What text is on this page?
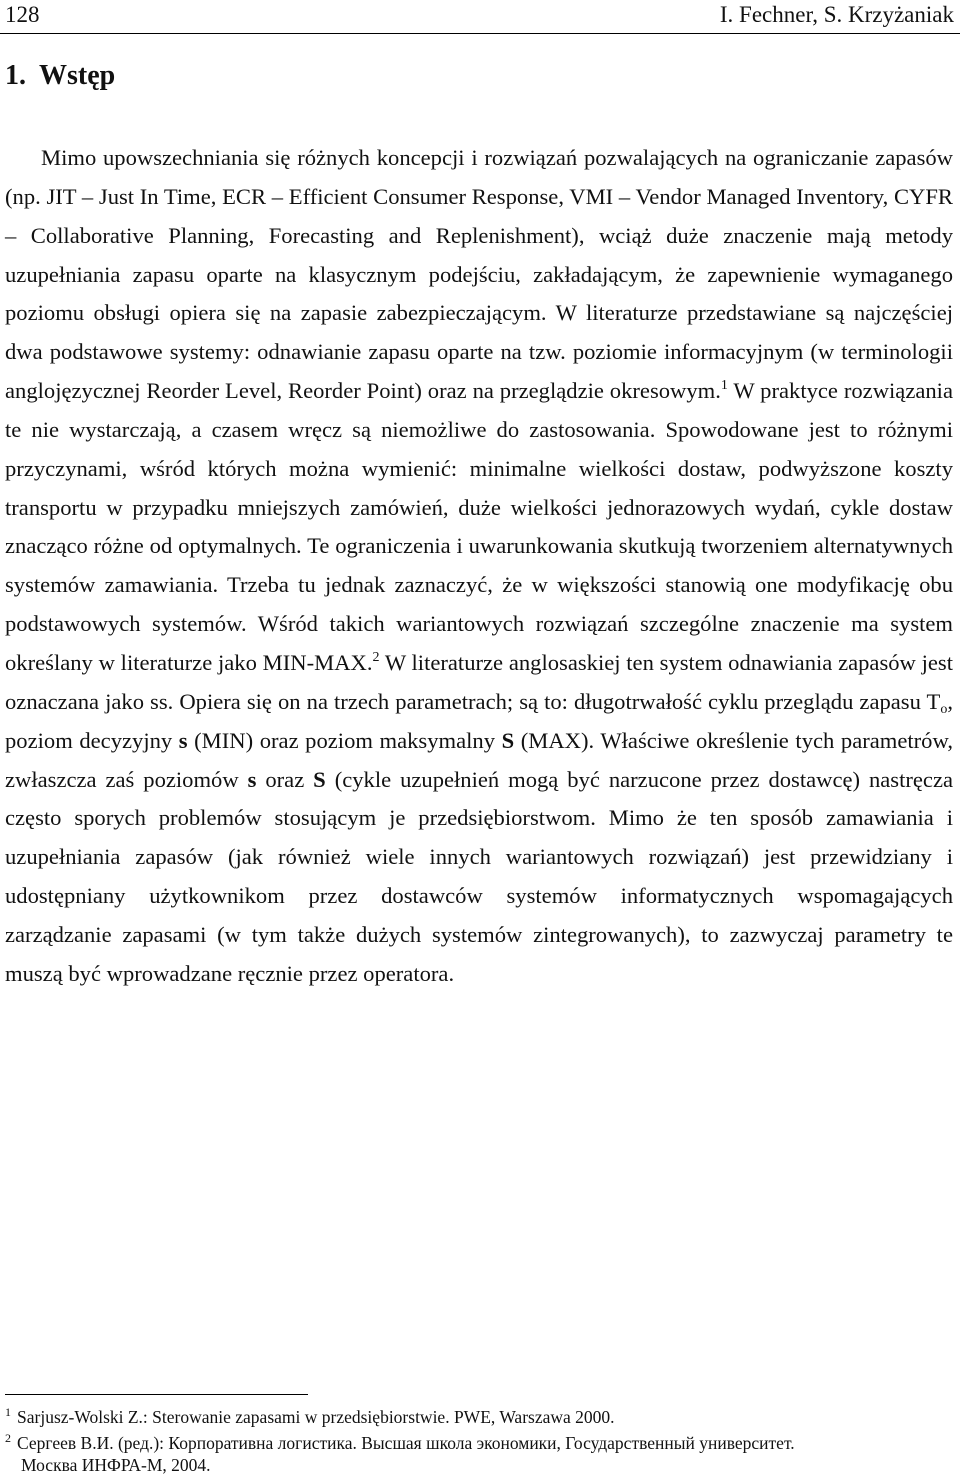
128	I. Fechner, S. Krzyżaniak
1. Wstęp

Mimo upowszechniania się różnych koncepcji i rozwiązań pozwalających na ograniczanie zapasów (np. JIT – Just In Time, ECR – Efficient Consumer Response, VMI – Vendor Managed Inventory, CYFR – Collaborative Planning, Forecasting and Replenishment), wciąż duże znaczenie mają metody uzupełniania zapasu oparte na klasycznym podejściu, zakładającym, że zapewnienie wymaganego poziomu obsługi opiera się na zapasie zabezpieczającym. W literaturze przedstawiane są najczęściej dwa podstawowe systemy: odnawianie zapasu oparte na tzw. poziomie informacyjnym (w terminologii anglojęzycznej Reorder Level, Reorder Point) oraz na przeglądzie okresowym.$^1$ W praktyce rozwiązania te nie wystarczają, a czasem wręcz są niemożliwe do zastosowania. Spowodowane jest to różnymi przyczynami, wśród których można wymienić: minimalne wielkości dostaw, podwyższone koszty transportu w przypadku mniejszych zamówień, duże wielkości jednorazowych wydań, cykle dostaw znacząco różne od optymalnych. Te ograniczenia i uwarunkowania skutkują tworzeniem alternatywnych systemów zamawiania. Trzeba tu jednak zaznaczyć, że w większości stanowią one modyfikację obu podstawowych systemów. Wśród takich wariantowych rozwiązań szczególne znaczenie ma system określany w literaturze jako MIN-MAX.$^2$ W literaturze anglosaskiej ten system odnawiania zapasów jest oznaczana jako ss. Opiera się on na trzech parametrach; są to: długotrwałość cyklu przeglądu zapasu $T_o$, poziom decyzyjny s (MIN) oraz poziom maksymalny S (MAX). Właściwe określenie tych parametrów, zwłaszcza zaś poziomów s oraz S (cykle uzupełnień mogą być narzucone przez dostawcę) nastręcza często sporych problemów stosującym je przedsiębiorstwom. Mimo że ten sposób zamawiania i uzupełniania zapasów (jak również wiele innych wariantowych rozwiązań) jest przewidziany i udostępniany użytkownikom przez dostawców systemów informatycznych wspomagających zarządzanie zapasami (w tym także dużych systemów zintegrowanych), to zazwyczaj parametry te muszą być wprowadzane ręcznie przez operatora.

$^1$ Sarjusz-Wolski Z.: Sterowanie zapasami w przedsiębiorstwie. PWE, Warszawa 2000.

$^2$ Сергеев В.И. (ред.): Корпоративна логистика. Высшая школа экономики, Государственный университет.
Москва ИНФРА-М, 2004.
